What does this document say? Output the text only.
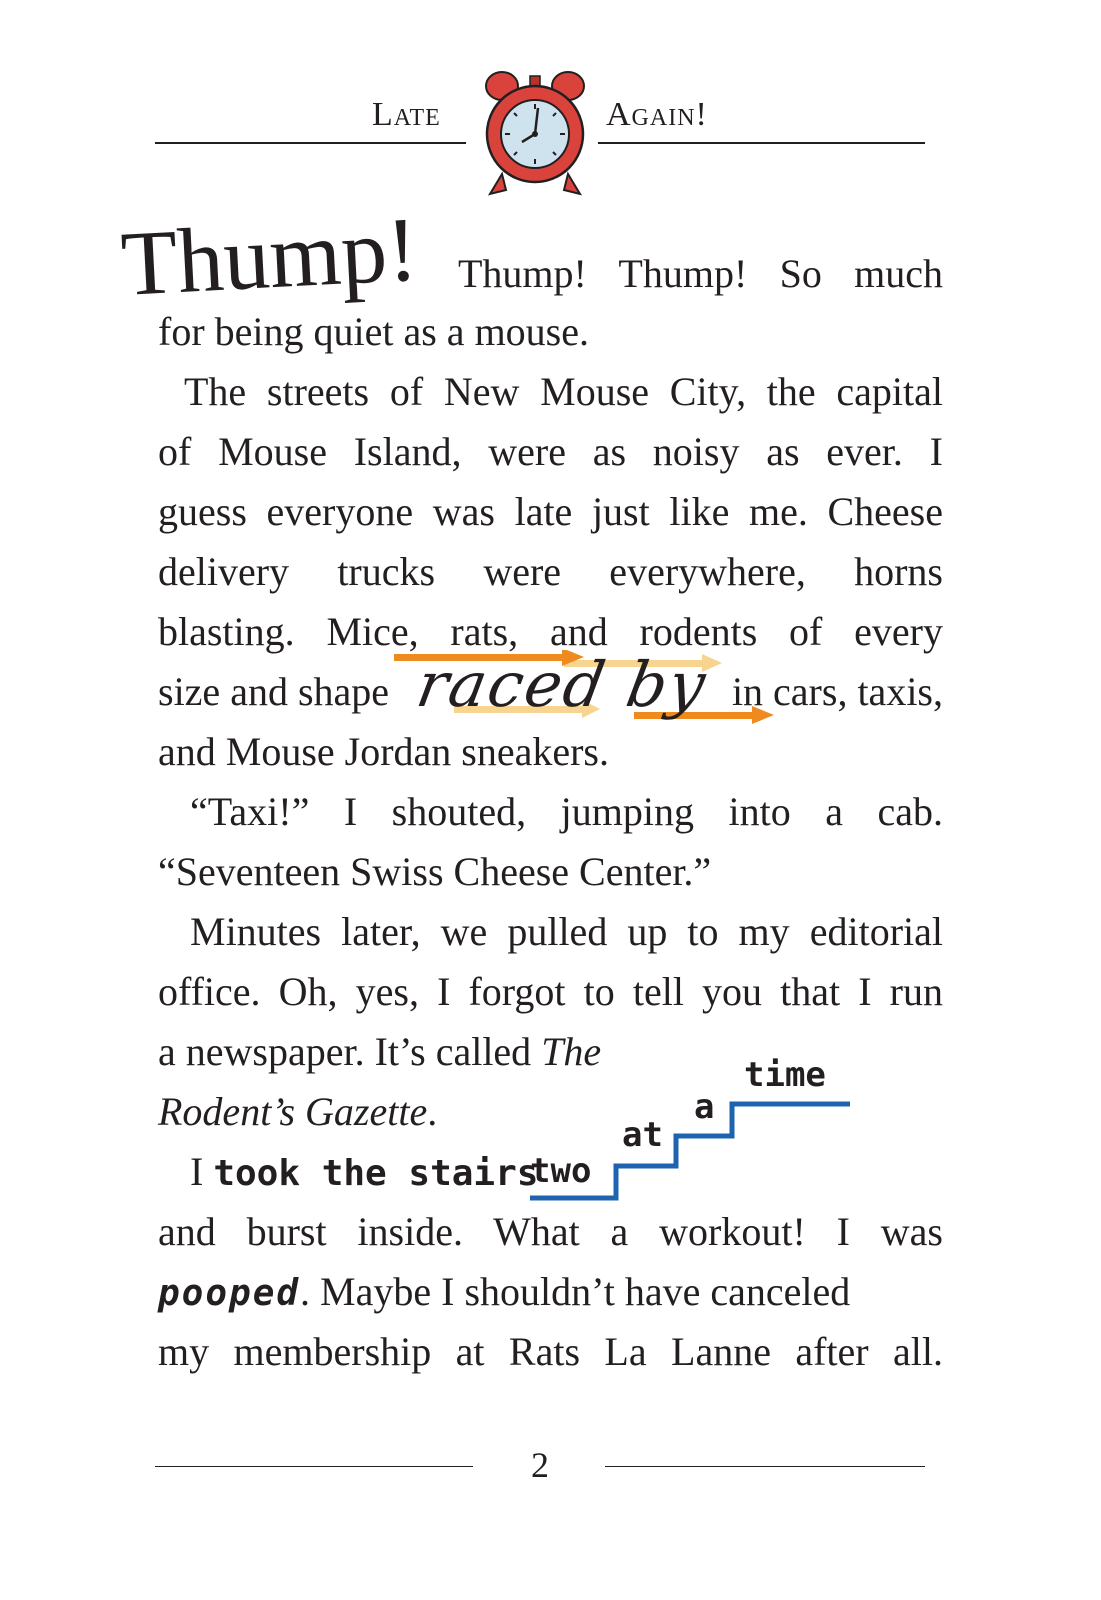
Late	Again!
Thump! Thump! Thump! So much
for being quiet as a mouse.
The streets of New Mouse City, the capital
of Mouse Island, were as noisy as ever. I
guess everyone was late just like me. Cheese
delivery trucks were everywhere, horns
blasting. Mice, rats, and rodents of every
size and shape raced by in cars, taxis,
and Mouse Jordan sneakers.
“Taxi!” I shouted, jumping into a cab.
“Seventeen Swiss Cheese Center.”
Minutes later, we pulled up to my editorial
office. Oh, yes, I forgot to tell you that I run
a newspaper. It’s called The
Rodent’s Gazette.
I took the stairs
two
at
a
time
and burst inside. What a workout! I was
pooped. Maybe I shouldn’t have canceled
my membership at Rats La Lanne after all.
2
